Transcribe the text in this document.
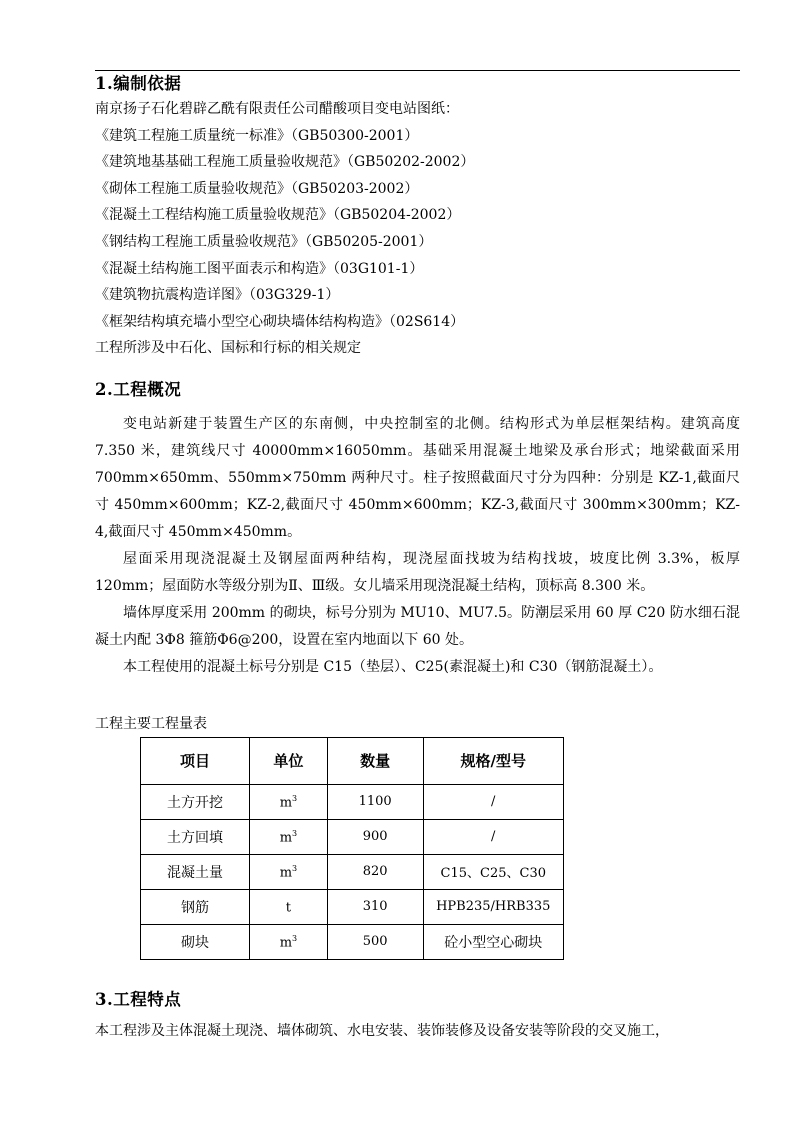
1.编制依据
南京扬子石化碧辟乙酰有限责任公司醋酸项目变电站图纸：
《建筑工程施工质量统一标准》（GB50300-2001）
《建筑地基基础工程施工质量验收规范》（GB50202-2002）
《砌体工程施工质量验收规范》（GB50203-2002）
《混凝土工程结构施工质量验收规范》（GB50204-2002）
《钢结构工程施工质量验收规范》（GB50205-2001）
《混凝土结构施工图平面表示和构造》（03G101-1）
《建筑物抗震构造详图》（03G329-1）
《框架结构填充墙小型空心砌块墙体结构构造》（02S614）
工程所涉及中石化、国标和行标的相关规定
2.工程概况

变电站新建于装置生产区的东南侧，中央控制室的北侧。结构形式为单层框架结构。建筑高度 7.350 米，建筑线尺寸 40000mm×16050mm。基础采用混凝土地梁及承台形式；地梁截面采用 700mm×650mm、550mm×750mm 两种尺寸。柱子按照截面尺寸分为四种：分别是 KZ-1,截面尺寸 450mm×600mm；KZ-2,截面尺寸 450mm×600mm；KZ-3,截面尺寸 300mm×300mm；KZ-4,截面尺寸 450mm×450mm。

屋面采用现浇混凝土及钢屋面两种结构，现浇屋面找坡为结构找坡，坡度比例 3.3%，板厚 120mm；屋面防水等级分别为Ⅱ、Ⅲ级。女儿墙采用现浇混凝土结构，顶标高 8.300 米。

墙体厚度采用 200mm 的砌块，标号分别为 MU10、MU7.5。防潮层采用 60 厚 C20 防水细石混凝土内配 3Φ8 箍筋Φ6@200，设置在室内地面以下 60 处。

本工程使用的混凝土标号分别是 C15（垫层）、C25(素混凝土)和 C30（钢筋混凝土）。

工程主要工程量表
项目	单位	数量	规格/型号
土方开挖	$m^3$	1100	/
土方回填	$m^3$	900	/
混凝土量	$m^3$	820	C15、C25、C30
钢筋	t	310	HPB235/HRB335
砌块	$m^3$	500	砼小型空心砌块
3.工程特点
本工程涉及主体混凝土现浇、墙体砌筑、水电安装、装饰装修及设备安装等阶段的交叉施工，
